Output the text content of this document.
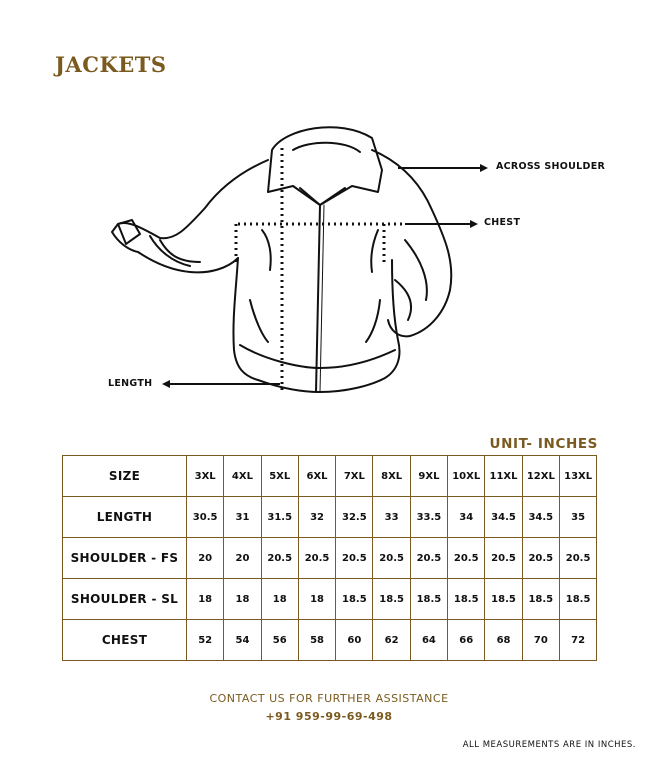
JACKETS
ACROSS SHOULDER
CHEST
LENGTH
UNIT- INCHES
SIZE	3XL	4XL	5XL	6XL	7XL	8XL	9XL	10XL	11XL	12XL	13XL
LENGTH	30.5	31	31.5	32	32.5	33	33.5	34	34.5	34.5	35
SHOULDER - FS	20	20	20.5	20.5	20.5	20.5	20.5	20.5	20.5	20.5	20.5
SHOULDER - SL	18	18	18	18	18.5	18.5	18.5	18.5	18.5	18.5	18.5
CHEST	52	54	56	58	60	62	64	66	68	70	72
CONTACT US FOR FURTHER ASSISTANCE
+91 959-99-69-498
ALL MEASUREMENTS ARE IN INCHES.
